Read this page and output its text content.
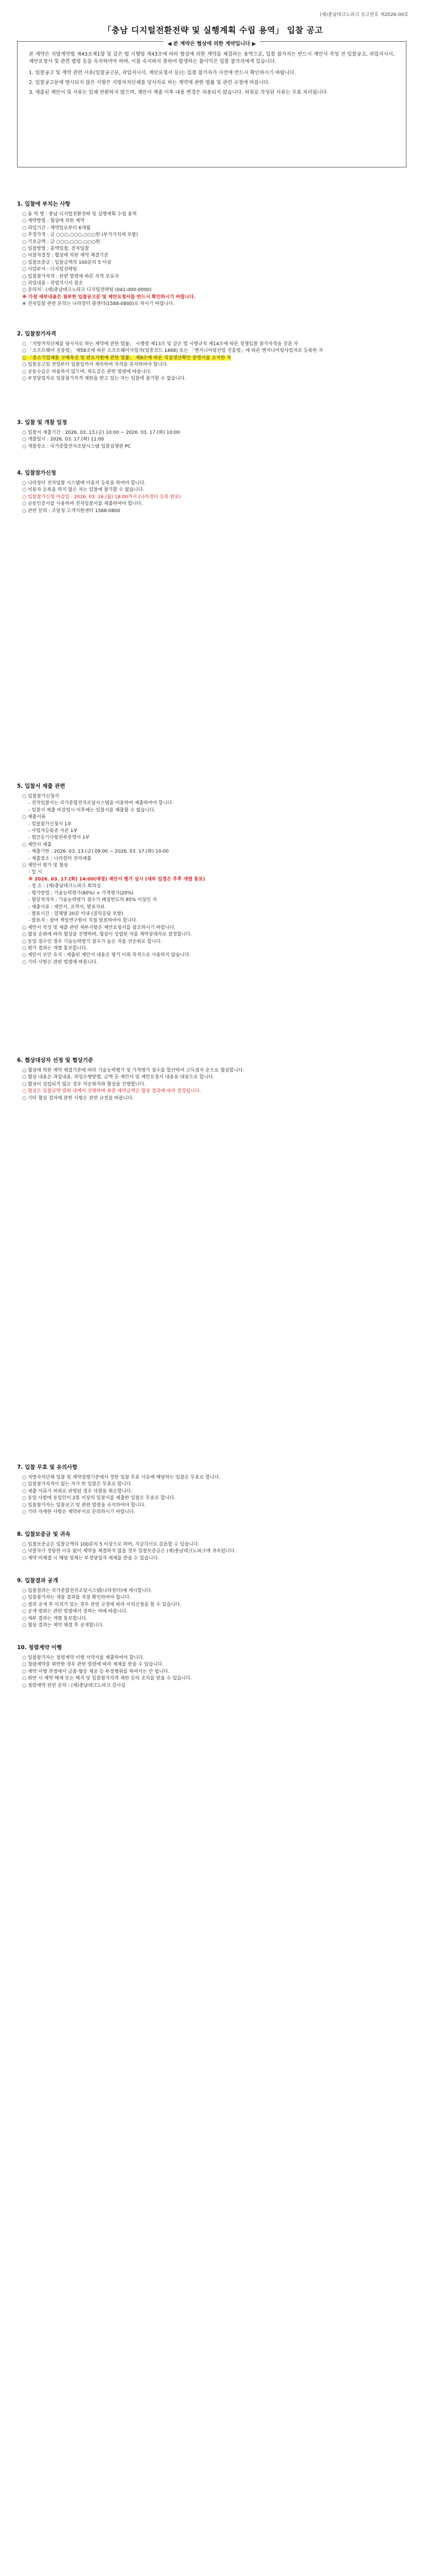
(재)충남테크노파크 공고번호 제2026-00호
「충남 디지털전환전략 및 실행계획 수립 용역」 입찰 공고
◀ 본 계약은 협상에 의한 계약입니다 ▶

본 계약은 지방계약법 제43조제1항 및 같은 법 시행령 제43조에 따라 협상에 의한 계약을 체결하는 용역으로, 입찰 참가자는 반드시 제안서 작성 전 입찰공고, 과업지시서, 제안요청서 및 관련 법령 등을 숙지하여야 하며, 이를 숙지하지 못하여 발생하는 불이익은 입찰 참가자에게 있습니다.

1. 입찰공고 및 계약 관련 서류(입찰공고문, 과업지시서, 제안요청서 등)는 입찰 참가자가 사전에 반드시 확인하시기 바랍니다.

2. 입찰공고문에 명시되지 않은 사항은 지방자치단체를 당사자로 하는 계약에 관한 법률 및 관련 규정에 따릅니다.

3. 제출된 제안서 및 서류는 일체 반환하지 않으며, 제안서 제출 이후 내용 변경은 허용되지 않습니다. 허위로 작성된 서류는 무효 처리됩니다.

1. 입찰에 부치는 사항

○ 용 역 명 : 충남 디지털전환전략 및 실행계획 수립 용역

○ 계약방법 : 협상에 의한 계약

○ 과업기간 : 계약일로부터 6개월

○ 추정가격 : 금 ○○○,○○○,○○○원 (부가가치세 포함)

○ 기초금액 : 금 ○○○,○○○,○○○원

○ 입찰방법 : 총액입찰, 전자입찰

○ 낙찰자결정 : 협상에 의한 계약 체결기준

○ 입찰보증금 : 입찰금액의 100분의 5 이상

○ 사업부서 : 디지털전략팀

○ 입찰참가자격 : 관련 법령에 따른 자격 보유자

○ 과업내용 : 과업지시서 참조

○ 문의처 : (재)충남테크노파크 디지털전략팀 (041-000-0000)

※ 가점 세부내용은 첨부한 입찰공고문 및 제안요청서를 반드시 확인하시기 바랍니다.

※ 전자입찰 관련 문의는 나라장터 콜센터(1588-0800)로 하시기 바랍니다.

2. 입찰참가자격

○ 「지방자치단체를 당사자로 하는 계약에 관한 법률」 시행령 제13조 및 같은 법 시행규칙 제14조에 따른 경쟁입찰 참가자격을 갖춘 자

○ 「소프트웨어 진흥법」 제58조에 따른 소프트웨어사업자(업종코드 1468) 또는 「엔지니어링산업 진흥법」에 따른 엔지니어링사업자로 등록한 자

○ 「중소기업제품 구매촉진 및 판로지원에 관한 법률」 제9조에 따른 직접생산확인 증명서를 소지한 자

○ 입찰공고일 전일부터 입찰일까지 계속하여 자격을 유지하여야 합니다.

○ 공동수급은 허용하지 않으며, 하도급은 관련 법령에 따릅니다.

○ 부정당업자로 입찰참가자격 제한을 받고 있는 자는 입찰에 참가할 수 없습니다.

3. 입찰 및 개찰 일정

○ 입찰서 제출기간 : 2026. 03. 13.(금) 10:00 ~ 2026. 03. 17.(화) 10:00

○ 개찰일시 : 2026. 03. 17.(화) 11:00

○ 개찰장소 : 국가종합전자조달시스템 입찰집행관 PC

4. 입찰참가신청

○ 나라장터 전자입찰 시스템에 이용자 등록을 하여야 합니다.

○ 이용자 등록을 하지 않은 자는 입찰에 참가할 수 없습니다.

○ 입찰참가신청 마감일 : 2026. 03. 16.(월) 18:00까지 (나라장터 등록 완료)

○ 공동인증서를 사용하여 전자입찰서를 제출하여야 합니다.

○ 관련 문의 : 조달청 고객지원센터 1588-0800

5. 입찰서 제출 관련

○ 입찰참가신청서

- 전자입찰서는 국가종합전자조달시스템을 이용하여 제출하여야 합니다.

- 입찰서 제출 마감일시 이후에는 입찰서를 제출할 수 없습니다.

○ 제출서류

- 입찰참가신청서 1부

- 사업자등록증 사본 1부

- 법인등기사항전부증명서 1부

○ 제안서 제출

- 제출기한 : 2026. 03. 13.(금) 09:00 ~ 2026. 03. 17.(화) 10:00

- 제출장소 : 나라장터 전자제출

○ 제안서 평가 및 협상

- 일 시

※ 2026. 03. 17.(화) 14:00(예정) 제안서 평가 실시 (세부 일정은 추후 개별 통보)

- 장 소 : (재)충남테크노파크 회의실

- 평가방법 : 기술능력평가(80%) + 가격평가(20%)

- 협상적격자 : 기술능력평가 점수가 배점한도의 85% 이상인 자

- 제출서류 : 제안서, 요약서, 발표자료

- 발표시간 : 업체별 20분 이내 (질의응답 포함)

- 발표자 : 참여 책임연구원이 직접 발표하여야 합니다.

○ 제안서 작성 및 제출 관련 세부사항은 제안요청서를 참조하시기 바랍니다.

○ 협상 순위에 따라 협상을 진행하며, 협상이 성립된 자를 계약상대자로 결정합니다.

○ 동일 점수인 경우 기술능력평가 점수가 높은 자를 선순위로 합니다.

○ 평가 결과는 개별 통보합니다.

○ 제안서 보안 유지 : 제출된 제안서 내용은 평가 이외 목적으로 사용하지 않습니다.

○ 기타 사항은 관련 법령에 따릅니다.

6. 협상대상자 선정 및 협상기준

○ 협상에 의한 계약 체결기준에 따라 기술능력평가 및 가격평가 점수를 합산하여 고득점자 순으로 협상합니다.

○ 협상 내용은 과업내용, 과업수행방법, 금액 등 제안서 및 제안요청서 내용을 대상으로 합니다.

○ 협상이 성립되지 않은 경우 차순위자와 협상을 진행합니다.

○ 협상은 입찰금액 범위 내에서 진행하며 최종 계약금액은 협상 결과에 따라 결정됩니다.

○ 기타 협상 절차에 관한 사항은 관련 규정을 따릅니다.

7. 입찰 무효 및 유의사항

○ 지방자치단체 입찰 및 계약집행기준에서 정한 입찰 무효 사유에 해당하는 입찰은 무효로 합니다.

○ 입찰참가자격이 없는 자가 한 입찰은 무효로 합니다.

○ 제출 서류가 허위로 판명된 경우 낙찰을 취소합니다.

○ 동일 사항에 동일인이 2통 이상의 입찰서를 제출한 입찰은 무효로 합니다.

○ 입찰참가자는 입찰공고 및 관련 법령을 숙지하여야 합니다.

○ 기타 자세한 사항은 계약부서로 문의하시기 바랍니다.

8. 입찰보증금 및 귀속

○ 입찰보증금은 입찰금액의 100분의 5 이상으로 하며, 지급각서로 갈음할 수 있습니다.

○ 낙찰자가 정당한 이유 없이 계약을 체결하지 않을 경우 입찰보증금은 (재)충남테크노파크에 귀속됩니다.

○ 계약 미체결 시 해당 업체는 부정당업자 제재를 받을 수 있습니다.

9. 입찰결과 공개

○ 입찰결과는 국가종합전자조달시스템(나라장터)에 게시합니다.

○ 입찰참가자는 개찰 결과를 직접 확인하여야 합니다.

○ 결과 공개 후 이의가 있는 경우 관련 규정에 따라 이의신청을 할 수 있습니다.

○ 공개 범위는 관련 법령에서 정하는 바에 따릅니다.

○ 세부 결과는 개별 통보합니다.

○ 협상 결과는 계약 체결 후 공개합니다.

10. 청렴계약 이행

○ 입찰참가자는 청렴계약 이행 서약서를 제출하여야 합니다.

○ 청렴계약을 위반한 경우 관련 법령에 따라 제재를 받을 수 있습니다.

○ 계약 이행 과정에서 금품·향응 제공 등 부정행위를 하여서는 안 됩니다.

○ 위반 시 계약 해제 또는 해지 및 입찰참가자격 제한 등의 조치를 받을 수 있습니다.

○ 청렴계약 관련 문의 : (재)충남테크노파크 감사실
